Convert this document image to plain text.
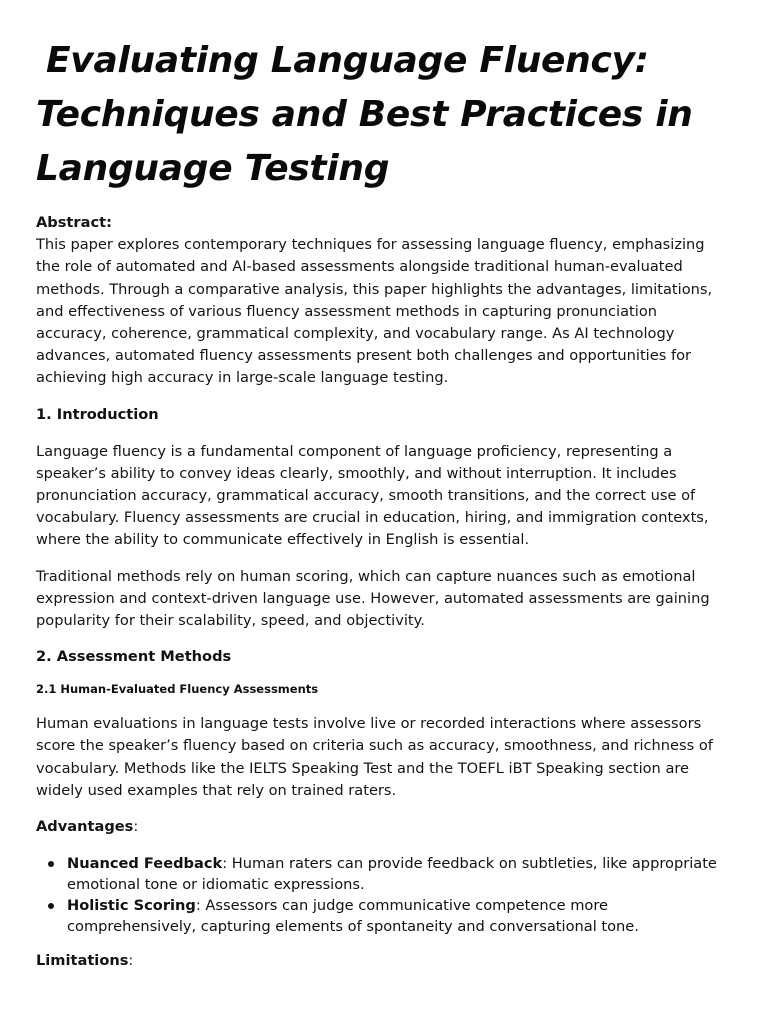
Evaluating Language Fluency:
Techniques and Best Practices in
Language Testing
Abstract:

This paper explores contemporary techniques for assessing language fluency, emphasizing the role of automated and AI-based assessments alongside traditional human-evaluated methods. Through a comparative analysis, this paper highlights the advantages, limitations, and effectiveness of various fluency assessment methods in capturing pronunciation accuracy, coherence, grammatical complexity, and vocabulary range. As AI technology advances, automated fluency assessments present both challenges and opportunities for achieving high accuracy in large-scale language testing.

1. Introduction

Language fluency is a fundamental component of language proficiency, representing a speaker’s ability to convey ideas clearly, smoothly, and without interruption. It includes pronunciation accuracy, grammatical accuracy, smooth transitions, and the correct use of vocabulary. Fluency assessments are crucial in education, hiring, and immigration contexts, where the ability to communicate effectively in English is essential.

Traditional methods rely on human scoring, which can capture nuances such as emotional expression and context-driven language use. However, automated assessments are gaining popularity for their scalability, speed, and objectivity.

2. Assessment Methods
2.1 Human-Evaluated Fluency Assessments

Human evaluations in language tests involve live or recorded interactions where assessors score the speaker’s fluency based on criteria such as accuracy, smoothness, and richness of vocabulary. Methods like the IELTS Speaking Test and the TOEFL iBT Speaking section are widely used examples that rely on trained raters.

Advantages:

Nuanced Feedback: Human raters can provide feedback on subtleties, like appropriate emotional tone or idiomatic expressions.
Holistic Scoring: Assessors can judge communicative competence more comprehensively, capturing elements of spontaneity and conversational tone.

Limitations:
